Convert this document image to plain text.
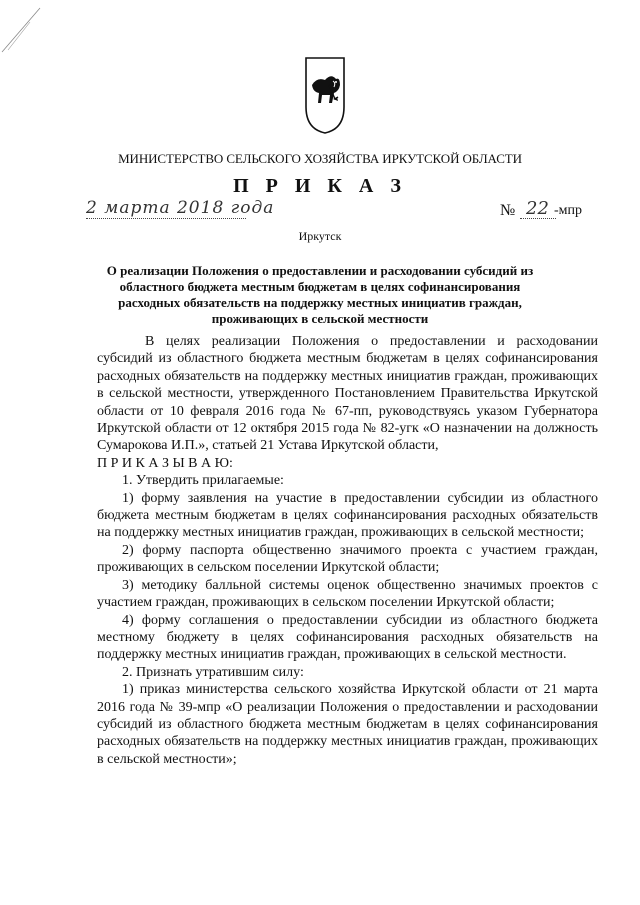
МИНИСТЕРСТВО СЕЛЬСКОГО ХОЗЯЙСТВА ИРКУТСКОЙ ОБЛАСТИ
П Р И К А З
2 марта 2018 года	№ 22 -мпр
Иркутск
О реализации Положения о предоставлении и расходовании субсидий из областного бюджета местным бюджетам в целях софинансирования расходных обязательств на поддержку местных инициатив граждан, проживающих в сельской местности

В целях реализации Положения о предоставлении и расходовании субсидий из областного бюджета местным бюджетам в целях софинансирования расходных обязательств на поддержку местных инициатив граждан, проживающих в сельской местности, утвержденного Постановлением Правительства Иркутской области от 10 февраля 2016 года № 67-пп, руководствуясь указом Губернатора Иркутской области от 12 октября 2015 года № 82-угк «О назначении на должность Сумарокова И.П.», статьей 21 Устава Иркутской области,

П Р И К А З Ы В А Ю:

1. Утвердить прилагаемые:

1) форму заявления на участие в предоставлении субсидии из областного бюджета местным бюджетам в целях софинансирования расходных обязательств на поддержку местных инициатив граждан, проживающих в сельской местности;

2) форму паспорта общественно значимого проекта с участием граждан, проживающих в сельском поселении Иркутской области;

3) методику балльной системы оценок общественно значимых проектов с участием граждан, проживающих в сельском поселении Иркутской области;

4) форму соглашения о предоставлении субсидии из областного бюджета местному бюджету в целях софинансирования расходных обязательств на поддержку местных инициатив граждан, проживающих в сельской местности.

2. Признать утратившим силу:

1) приказ министерства сельского хозяйства Иркутской области от 21 марта 2016 года № 39-мпр «О реализации Положения о предоставлении и расходовании субсидий из областного бюджета местным бюджетам в целях софинансирования расходных обязательств на поддержку местных инициатив граждан, проживающих в сельской местности»;
